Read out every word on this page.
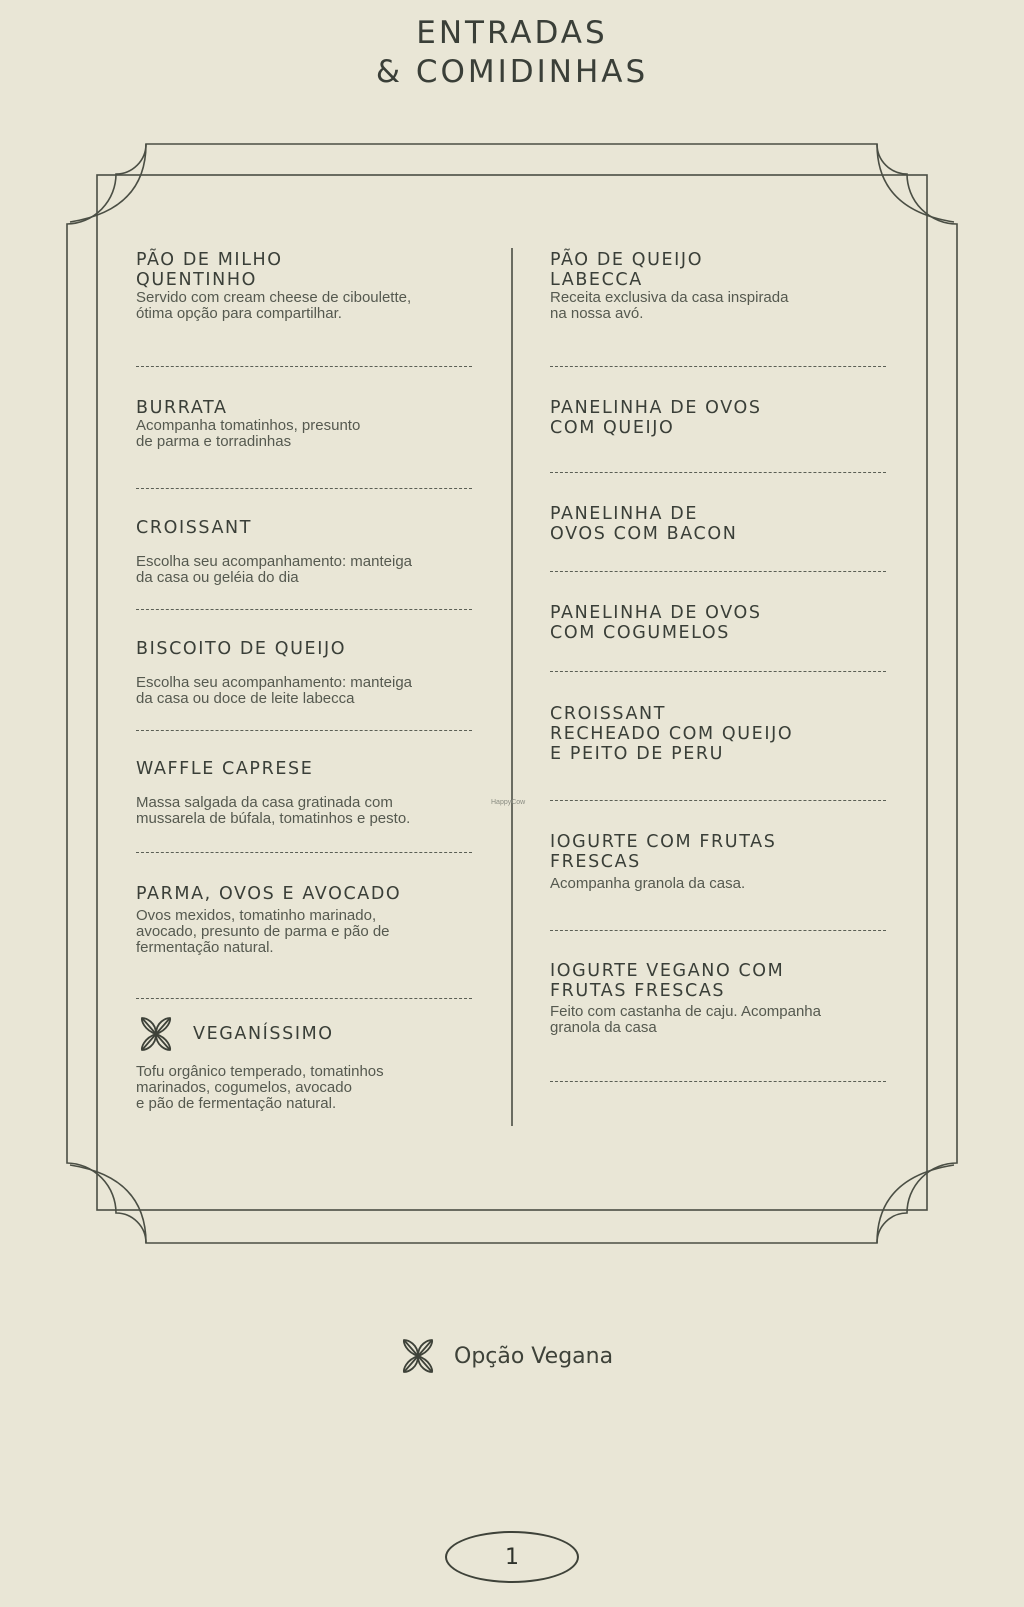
ENTRADAS
& COMIDINHAS

PÃO DE MILHO
QUENTINHO

Servido com cream cheese de ciboulette,
ótima opção para compartilhar.

BURRATA

Acompanha tomatinhos, presunto
de parma e torradinhas

CROISSANT

Escolha seu acompanhamento: manteiga
da casa ou geléia do dia

BISCOITO DE QUEIJO

Escolha seu acompanhamento: manteiga
da casa ou doce de leite labecca

WAFFLE CAPRESE

Massa salgada da casa gratinada com
mussarela de búfala, tomatinhos e pesto.

PARMA, OVOS E AVOCADO

Ovos mexidos, tomatinho marinado,
avocado, presunto de parma e pão de
fermentação natural.

VEGANÍSSIMO

Tofu orgânico temperado, tomatinhos
marinados, cogumelos, avocado
e pão de fermentação natural.

PÃO DE QUEIJO
LABECCA

Receita exclusiva da casa inspirada
na nossa avó.

PANELINHA DE OVOS
COM QUEIJO

PANELINHA DE
OVOS COM BACON

PANELINHA DE OVOS
COM COGUMELOS

CROISSANT
RECHEADO COM QUEIJO
E PEITO DE PERU

IOGURTE COM FRUTAS
FRESCAS

Acompanha granola da casa.

IOGURTE VEGANO COM
FRUTAS FRESCAS

Feito com castanha de caju. Acompanha
granola da casa

HappyCow
Opção Vegana
1
